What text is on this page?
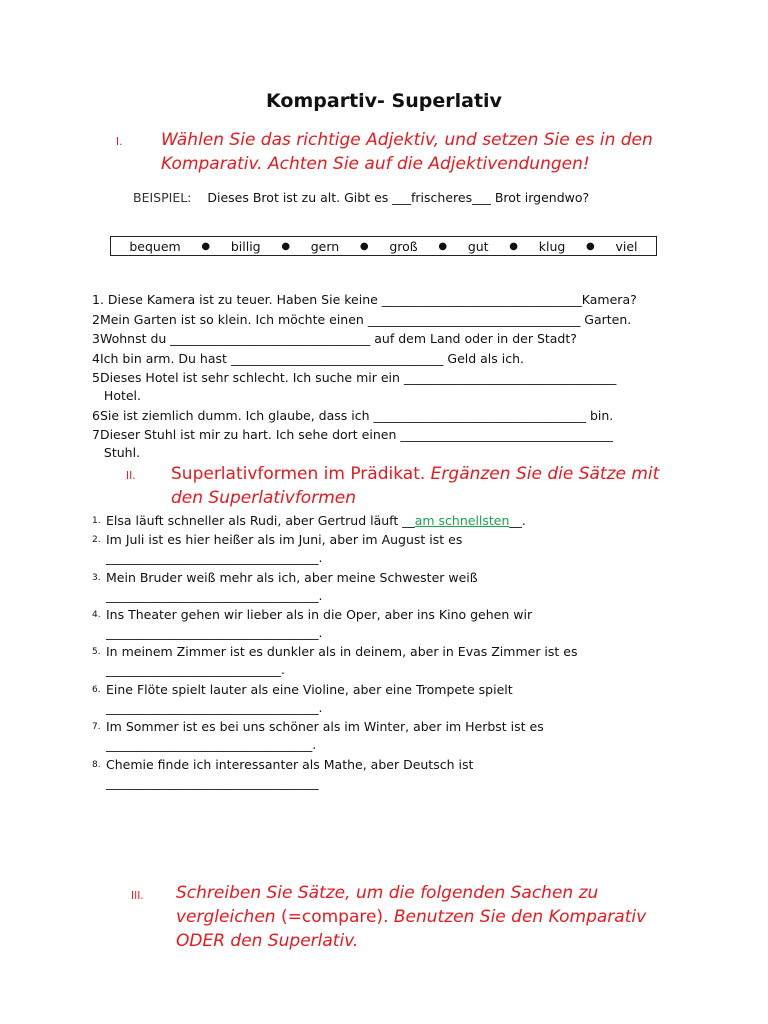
Kompartiv- Superlativ
I. Wählen Sie das richtige Adjektiv, und setzen Sie es in den
Komparativ. Achten Sie auf die Adjektivendungen!
BEISPIEL: Dieses Brot ist zu alt. Gibt es ___frischeres___ Brot irgendwo?
bequem ● billig ● gern ● groß ● gut ● klug ● viel
1. Diese Kamera ist zu teuer. Haben Sie keine ________________________________Kamera?
2Mein Garten ist so klein. Ich möchte einen __________________________________ Garten.
3Wohnst du ________________________________ auf dem Land oder in der Stadt?
4Ich bin arm. Du hast __________________________________ Geld als ich.
5Dieses Hotel ist sehr schlecht. Ich suche mir ein __________________________________
Hotel.
6Sie ist ziemlich dumm. Ich glaube, dass ich __________________________________ bin.
7Dieser Stuhl ist mir zu hart. Ich sehe dort einen __________________________________
Stuhl.
II. Superlativformen im Prädikat. Ergänzen Sie die Sätze mit
den Superlativformen
1. Elsa läuft schneller als Rudi, aber Gertrud läuft __am schnellsten__.
2. Im Juli ist es hier heißer als im Juni, aber im August ist es
__________________________________.
3. Mein Bruder weiß mehr als ich, aber meine Schwester weiß
__________________________________.
4. Ins Theater gehen wir lieber als in die Oper, aber ins Kino gehen wir
__________________________________.
5. In meinem Zimmer ist es dunkler als in deinem, aber in Evas Zimmer ist es
____________________________.
6. Eine Flöte spielt lauter als eine Violine, aber eine Trompete spielt
__________________________________.
7. Im Sommer ist es bei uns schöner als im Winter, aber im Herbst ist es
_________________________________.
8. Chemie finde ich interessanter als Mathe, aber Deutsch ist
__________________________________
III. Schreiben Sie Sätze, um die folgenden Sachen zu
vergleichen (=compare). Benutzen Sie den Komparativ
ODER den Superlativ.
